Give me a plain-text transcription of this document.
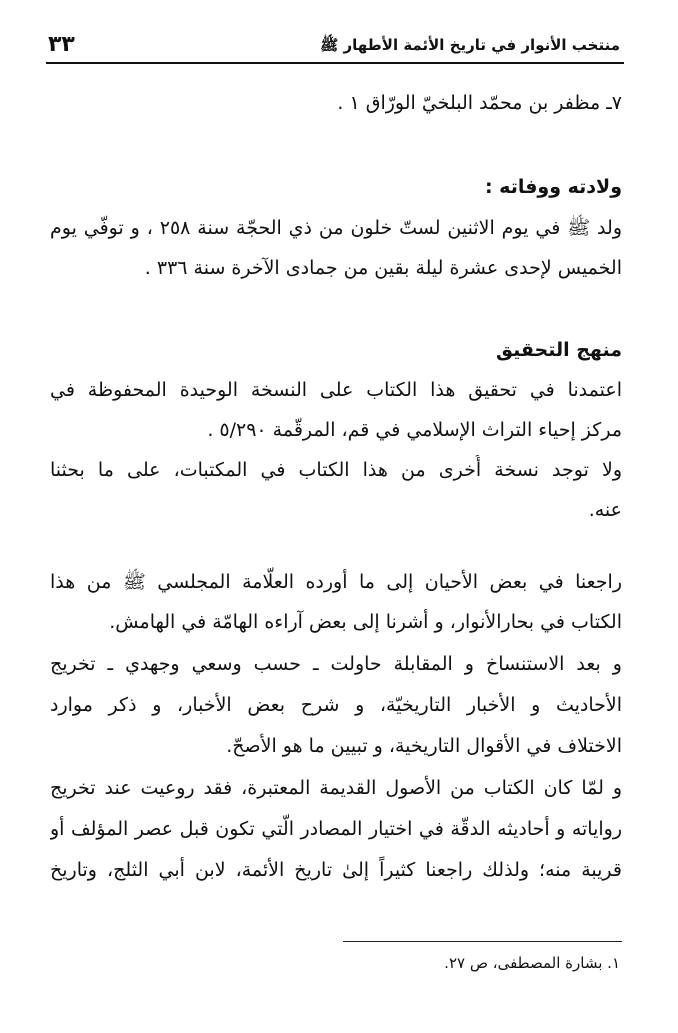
منتخب الأنوار في تاريخ الأئمة الأطهار ﷺ
٣٣
٧ـ مظفر بن محمّد البلخيّ الورّاق ١ .
ولادته ووفاته :
ولد ﷺ في يوم الاثنين لستّ خلون من ذي الحجّة سنة ٢٥٨ ، و توفّي يوم
الخميس لإحدى عشرة ليلة بقين من جمادى الآخرة سنة ٣٣٦ .
منهج التحقيق
اعتمدنا في تحقيق هذا الكتاب على النسخة الوحيدة المحفوظة في
مركز إحياء التراث الإسلامي في قم، المرقّمة ٥/٢٩٠ .
ولا توجد نسخة أُخرى من هذا الكتاب في المكتبات، على ما بحثنا
عنه.
راجعنا في بعض الأحيان إلى ما أورده العلّامة المجلسي ﷺ من هذا
الكتاب في بحارالأنوار، و أشرنا إلى بعض آراءه الهامّة في الهامش.
و بعد الاستنساخ و المقابلة حاولت ـ حسب وسعي وجهدي ـ تخريج
الأحاديث و الأخبار التاريخيّة، و شرح بعض الأخبار، و ذكر موارد
الاختلاف في الأقوال التاريخية، و تبيين ما هو الأصحّ.
و لمّا كان الكتاب من الأصول القديمة المعتبرة، فقد روعيت عند تخريج
رواياته و أحاديثه الدقّة في اختيار المصادر الّتي تكون قبل عصر المؤلف أو
قريبة منه؛ ولذلك راجعنا كثيراً إلىٰ تاريخ الأئمة، لابن أبي الثلج، وتاريخ
١. بشارة المصطفى، ص ٢٧.
